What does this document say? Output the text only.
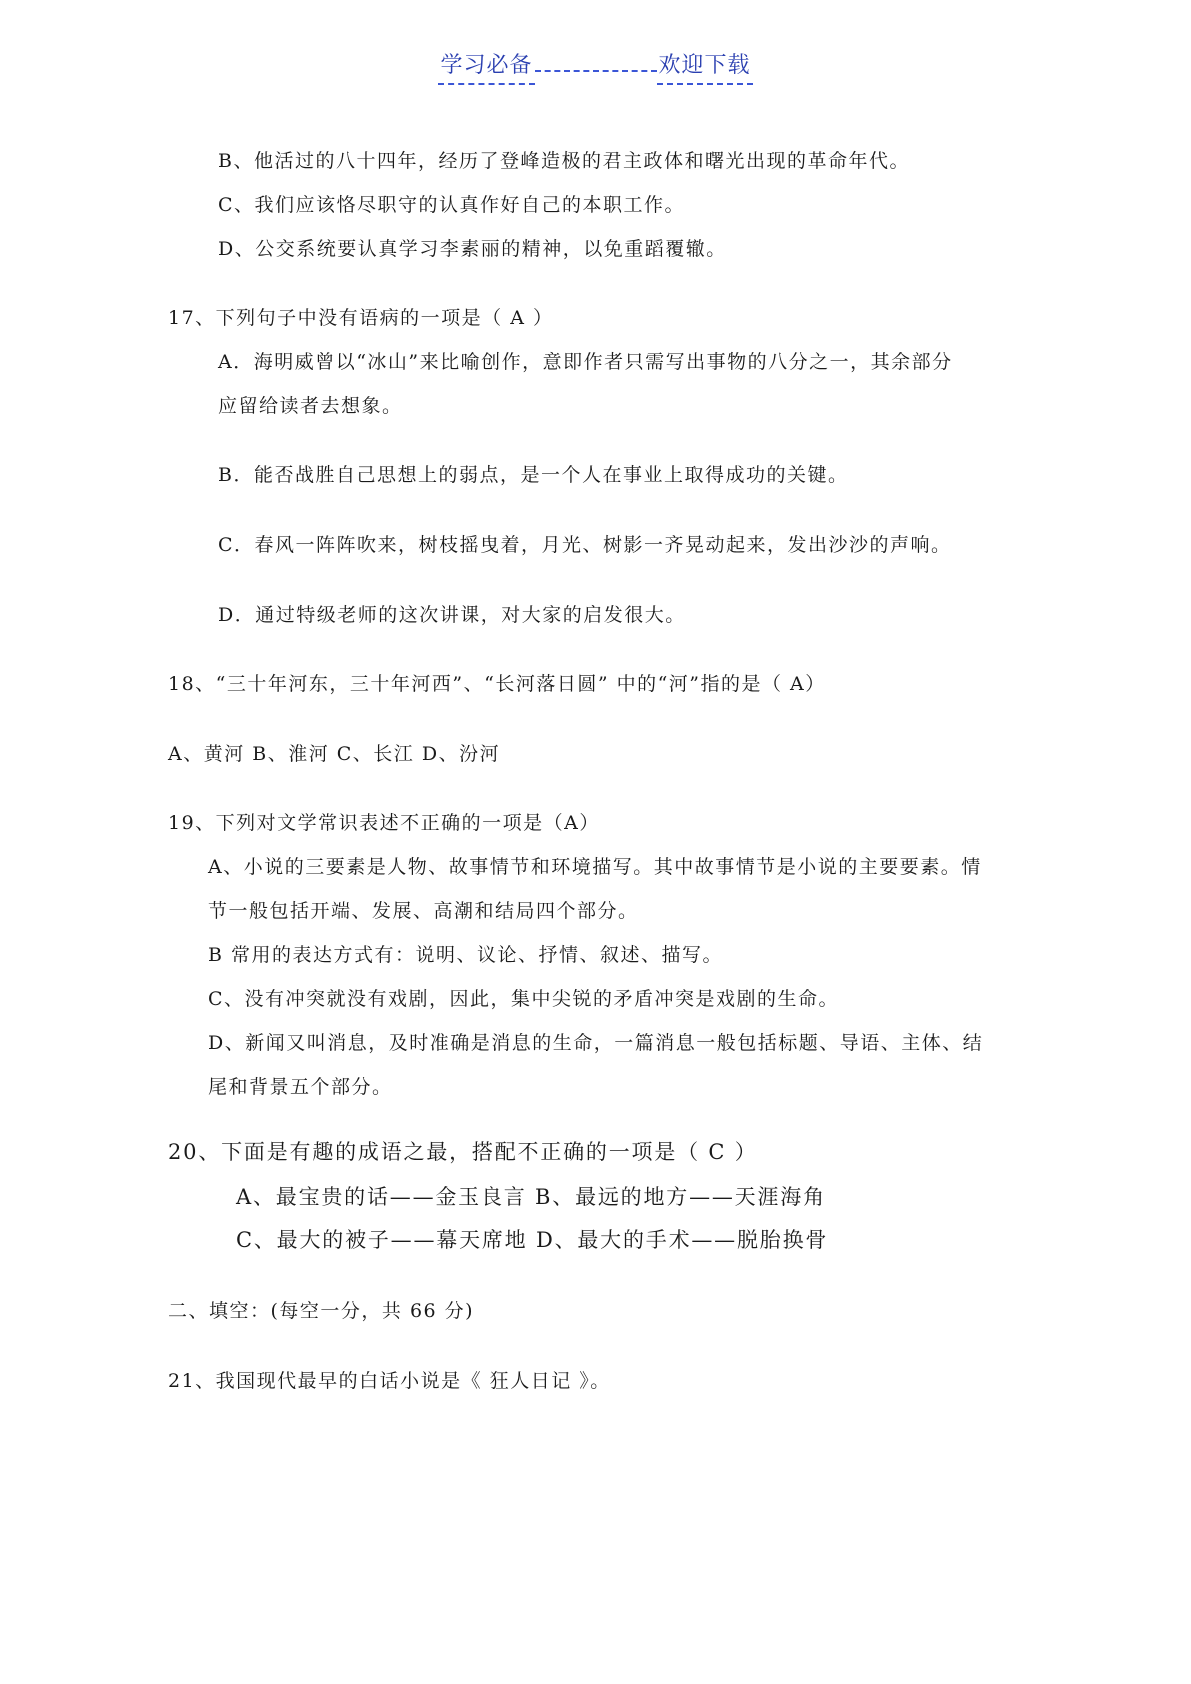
学习必备	欢迎下载
B、他活过的八十四年，经历了登峰造极的君主政体和曙光出现的革命年代。
C、我们应该恪尽职守的认真作好自己的本职工作。
D、公交系统要认真学习李素丽的精神，以免重蹈覆辙。
17、下列句子中没有语病的一项是（ A ）
A．海明威曾以“冰山”来比喻创作，意即作者只需写出事物的八分之一，其余部分
应留给读者去想象。
B．能否战胜自己思想上的弱点，是一个人在事业上取得成功的关键。
C．春风一阵阵吹来，树枝摇曳着，月光、树影一齐晃动起来，发出沙沙的声响。
D．通过特级老师的这次讲课，对大家的启发很大。
18、“三十年河东，三十年河西”、“长河落日圆” 中的“河”指的是（ A）
A、黄河 B、淮河 C、长江 D、汾河
19、下列对文学常识表述不正确的一项是（A）
A、小说的三要素是人物、故事情节和环境描写。其中故事情节是小说的主要要素。情
节一般包括开端、发展、高潮和结局四个部分。
B 常用的表达方式有：说明、议论、抒情、叙述、描写。
C、没有冲突就没有戏剧，因此，集中尖锐的矛盾冲突是戏剧的生命。
D、新闻又叫消息，及时准确是消息的生命，一篇消息一般包括标题、导语、主体、结
尾和背景五个部分。
20、下面是有趣的成语之最，搭配不正确的一项是（ C ）
A、最宝贵的话——金玉良言 B、最远的地方——天涯海角
C、最大的被子——幕天席地 D、最大的手术——脱胎换骨
二、填空：(每空一分，共 66 分)
21、我国现代最早的白话小说是《 狂人日记 》。
